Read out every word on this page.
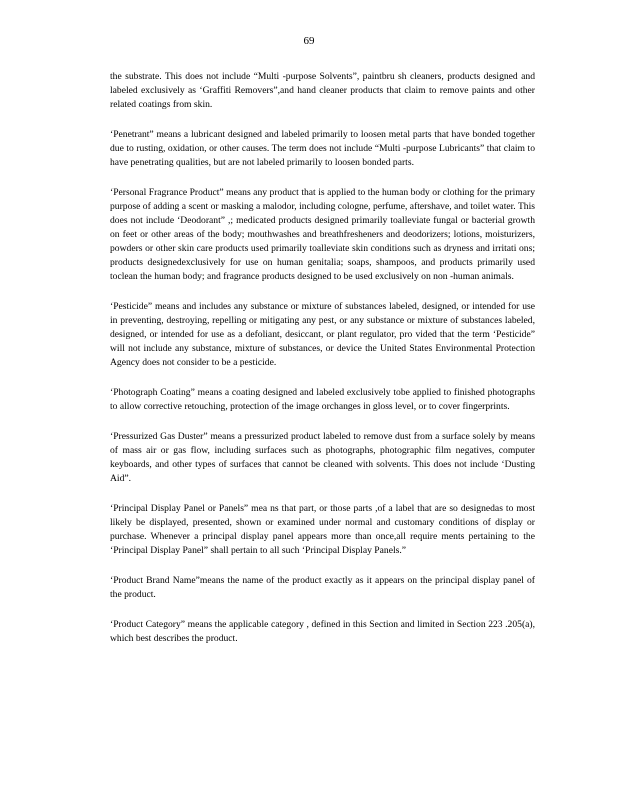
69

the substrate. This does not include “Multi -purpose Solvents”, paintbru sh cleaners, products designed and labeled exclusively as ‘Graffiti Removers”,and hand cleaner products that claim to remove paints and other related coatings from skin.

‘Penetrant” means a lubricant designed and labeled primarily to loosen metal parts that have bonded together due to rusting, oxidation, or other causes. The term does not include “Multi -purpose Lubricants” that claim to have penetrating qualities, but are not labeled primarily to loosen bonded parts.

‘Personal Fragrance Product” means any product that is applied to the human body or clothing for the primary purpose of adding a scent or masking a malodor, including cologne, perfume, aftershave, and toilet water. This does not include ‘Deodorant” ,; medicated products designed primarily toalleviate fungal or bacterial growth on feet or other areas of the body; mouthwashes and breathfresheners and deodorizers; lotions, moisturizers, powders or other skin care products used primarily toalleviate skin conditions such as dryness and irritati ons; products designedexclusively for use on human genitalia; soaps, shampoos, and products primarily used toclean the human body; and fragrance products designed to be used exclusively on non -human animals.

‘Pesticide” means and includes any substance or mixture of substances labeled, designed, or intended for use in preventing, destroying, repelling or mitigating any pest, or any substance or mixture of substances labeled, designed, or intended for use as a defoliant, desiccant, or plant regulator, pro vided that the term ‘Pesticide” will not include any substance, mixture of substances, or device the United States Environmental Protection Agency does not consider to be a pesticide.

‘Photograph Coating” means a coating designed and labeled exclusively tobe applied to finished photographs to allow corrective retouching, protection of the image orchanges in gloss level, or to cover fingerprints.

‘Pressurized Gas Duster” means a pressurized product labeled to remove dust from a surface solely by means of mass air or gas flow, including surfaces such as photographs, photographic film negatives, computer keyboards, and other types of surfaces that cannot be cleaned with solvents. This does not include ‘Dusting Aid”.

‘Principal Display Panel or Panels” mea ns that part, or those parts ,of a label that are so designedas to most likely be displayed, presented, shown or examined under normal and customary conditions of display or purchase. Whenever a principal display panel appears more than once,all require ments pertaining to the ‘Principal Display Panel” shall pertain to all such ‘Principal Display Panels.”

‘Product Brand Name”means the name of the product exactly as it appears on the principal display panel of the product.

‘Product Category” means the applicable category , defined in this Section and limited in Section 223 .205(a), which best describes the product.
